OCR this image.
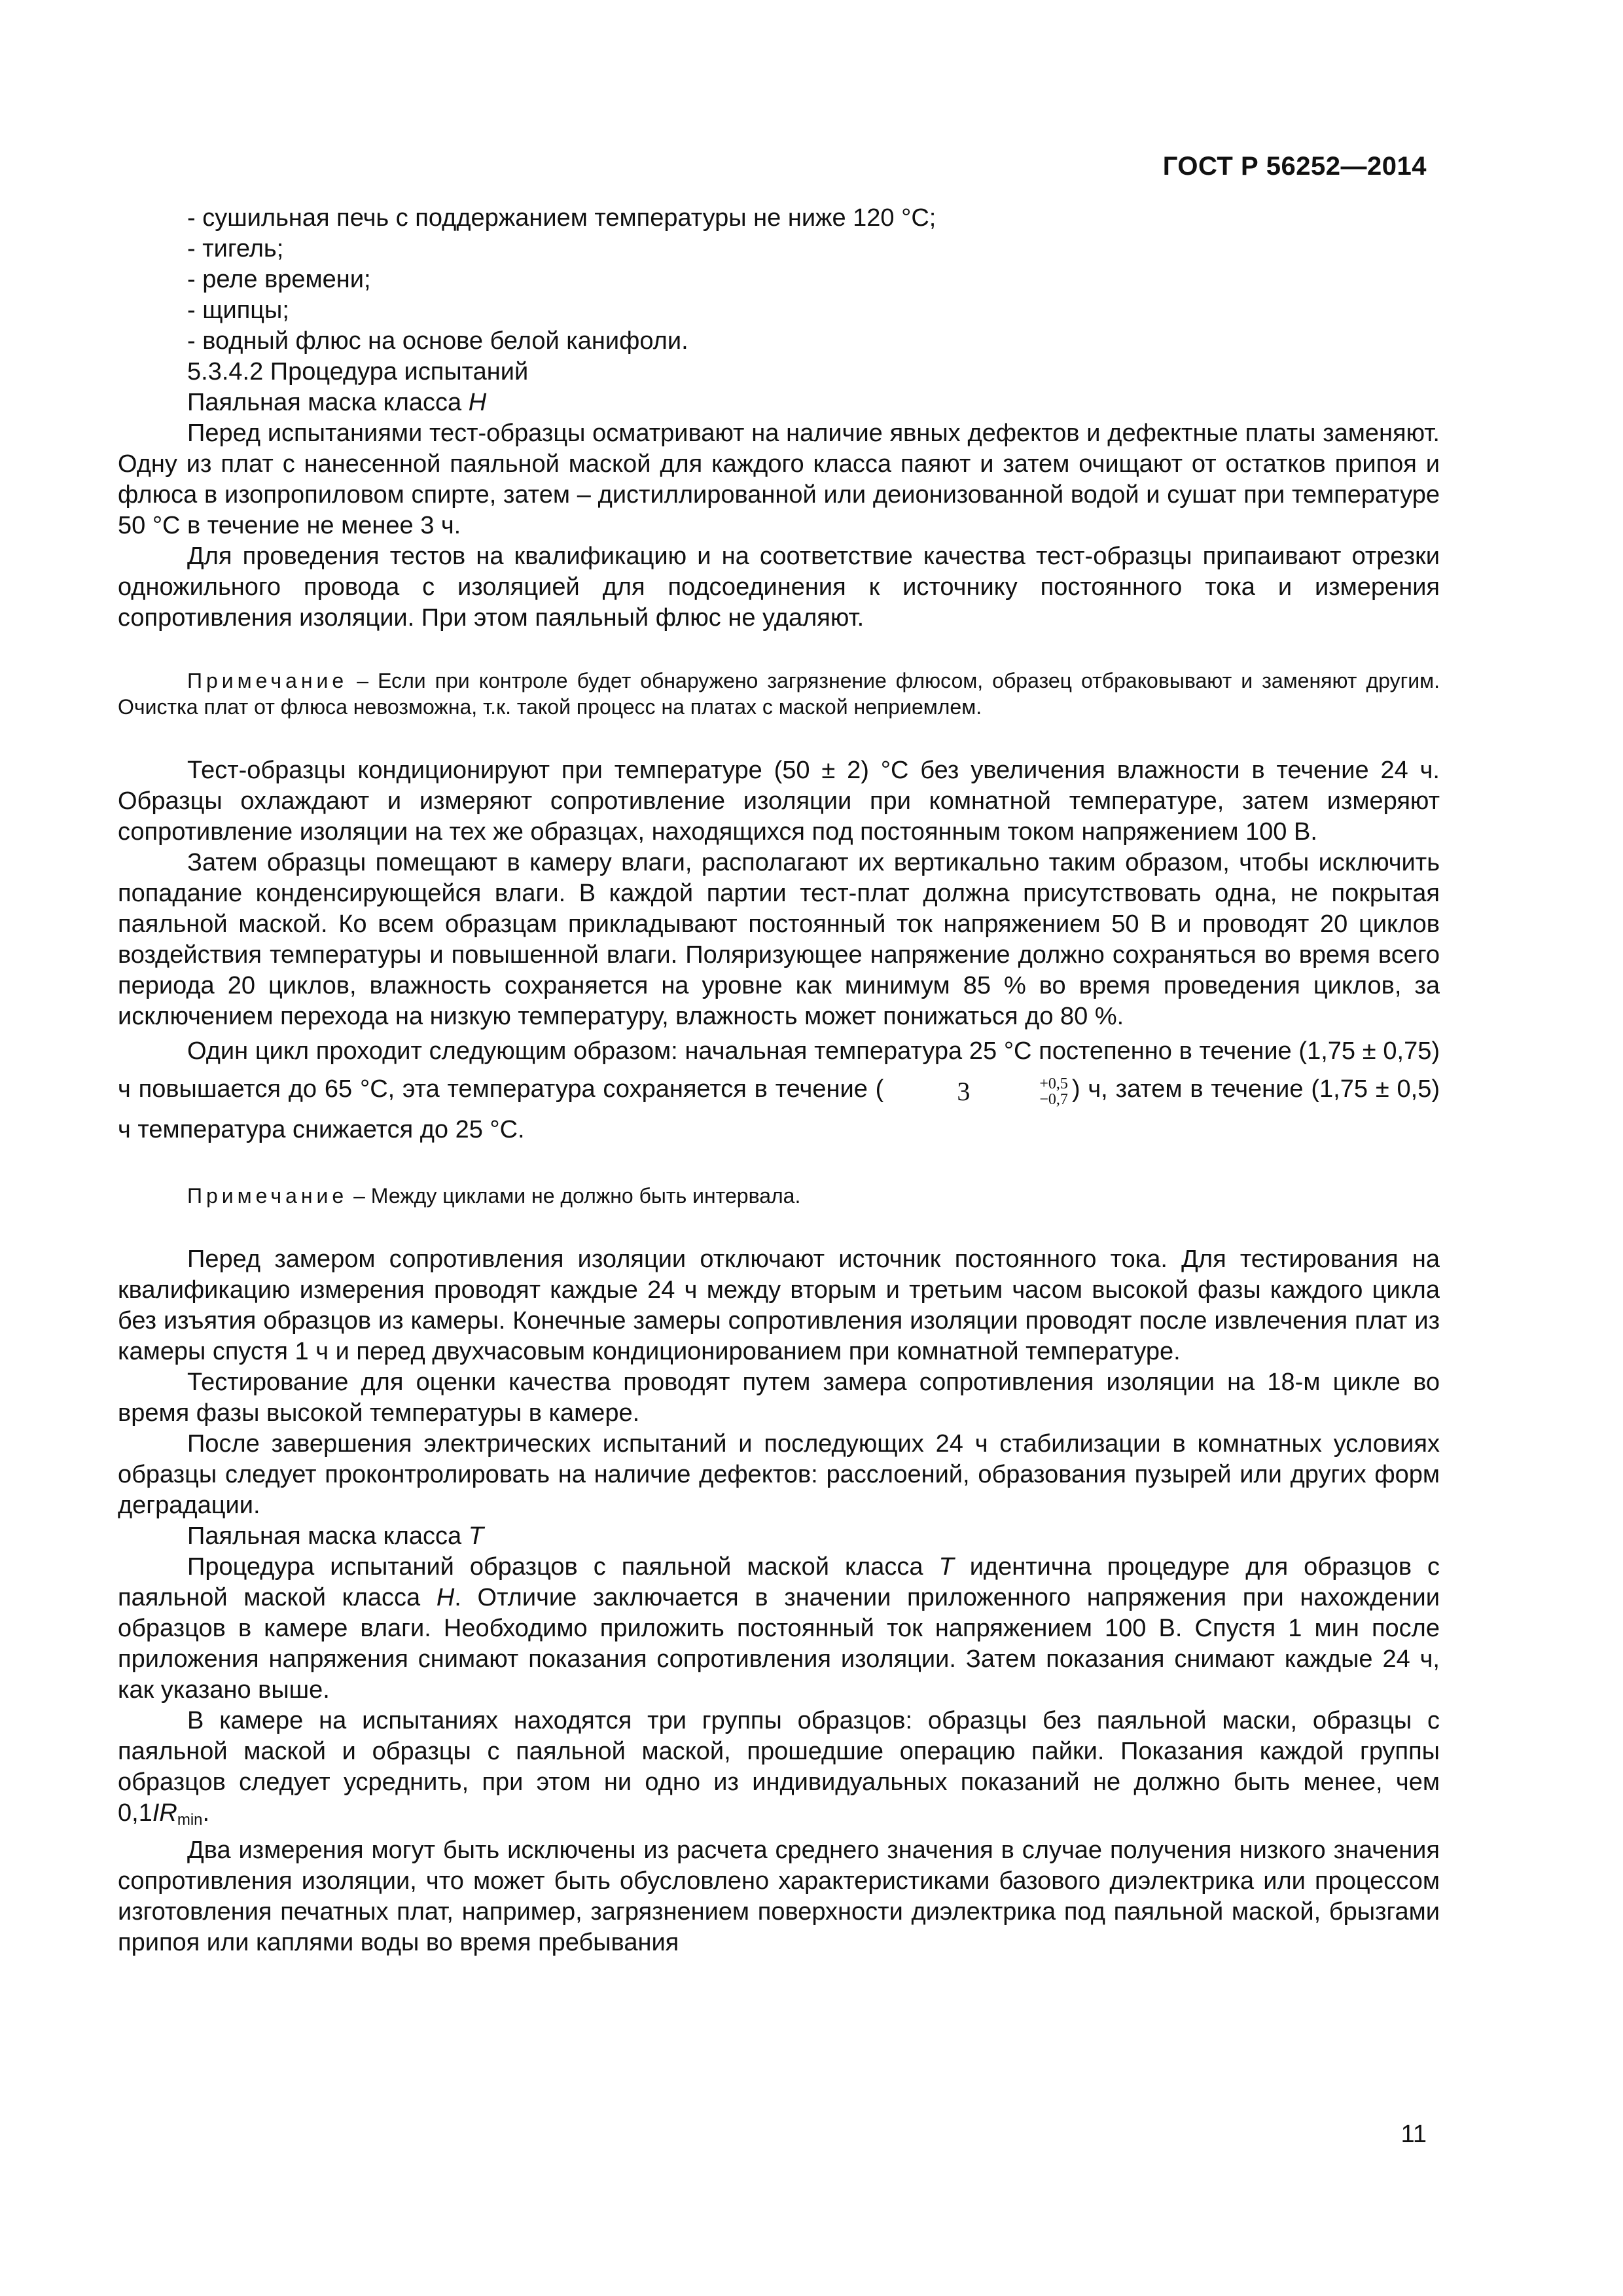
ГОСТ Р 56252—2014

- сушильная печь с поддержанием температуры не ниже 120 °С;

- тигель;

- реле времени;

- щипцы;

- водный флюс на основе белой канифоли.

5.3.4.2 Процедура испытаний

Паяльная маска класса H

Перед испытаниями тест-образцы осматривают на наличие явных дефектов и дефектные платы заменяют. Одну из плат с нанесенной паяльной маской для каждого класса паяют и затем очищают от остатков припоя и флюса в изопропиловом спирте, затем – дистиллированной или деионизованной водой и сушат при температуре 50 °С в течение не менее 3 ч.

Для проведения тестов на квалификацию и на соответствие качества тест-образцы припаивают отрезки одножильного провода с изоляцией для подсоединения к источнику постоянного тока и измерения сопротивления изоляции. При этом паяльный флюс не удаляют.

Примечание – Если при контроле будет обнаружено загрязнение флюсом, образец отбраковывают и заменяют другим. Очистка плат от флюса невозможна, т.к. такой процесс на платах с маской неприемлем.

Тест-образцы кондиционируют при температуре (50 ± 2) °С без увеличения влажности в течение 24 ч. Образцы охлаждают и измеряют сопротивление изоляции при комнатной температуре, затем измеряют сопротивление изоляции на тех же образцах, находящихся под постоянным током напряжением 100 В.

Затем образцы помещают в камеру влаги, располагают их вертикально таким образом, чтобы исключить попадание конденсирующейся влаги. В каждой партии тест-плат должна присутствовать одна, не покрытая паяльной маской. Ко всем образцам прикладывают постоянный ток напряжением 50 В и проводят 20 циклов воздействия температуры и повышенной влаги. Поляризующее напряжение должно сохраняться во время всего периода 20 циклов, влажность сохраняется на уровне как минимум 85 % во время проведения циклов, за исключением перехода на низкую температуру, влажность может понижаться до 80 %.

Один цикл проходит следующим образом: начальная температура 25 °С постепенно в течение (1,75 ± 0,75) ч повышается до 65 °С, эта температура сохраняется в течение (	3	+0,5
−0,7 ) ч, затем в течение (1,75 ± 0,5) ч температура снижается до 25 °С.

Примечание – Между циклами не должно быть интервала.

Перед замером сопротивления изоляции отключают источник постоянного тока. Для тестирования на квалификацию измерения проводят каждые 24 ч между вторым и третьим часом высокой фазы каждого цикла без изъятия образцов из камеры. Конечные замеры сопротивления изоляции проводят после извлечения плат из камеры спустя 1 ч и перед двухчасовым кондиционированием при комнатной температуре.

Тестирование для оценки качества проводят путем замера сопротивления изоляции на 18-м цикле во время фазы высокой температуры в камере.

После завершения электрических испытаний и последующих 24 ч стабилизации в комнатных условиях образцы следует проконтролировать на наличие дефектов: расслоений, образования пузырей или других форм деградации.

Паяльная маска класса T

Процедура испытаний образцов с паяльной маской класса T идентична процедуре для образцов с паяльной маской класса H. Отличие заключается в значении приложенного напряжения при нахождении образцов в камере влаги. Необходимо приложить постоянный ток напряжением 100 В. Спустя 1 мин после приложения напряжения снимают показания сопротивления изоляции. Затем показания снимают каждые 24 ч, как указано выше.

В камере на испытаниях находятся три группы образцов: образцы без паяльной маски, образцы с паяльной маской и образцы с паяльной маской, прошедшие операцию пайки. Показания каждой группы образцов следует усреднить, при этом ни одно из индивидуальных показаний не должно быть менее, чем $0,1IR_{min}$.

Два измерения могут быть исключены из расчета среднего значения в случае получения низкого значения сопротивления изоляции, что может быть обусловлено характеристиками базового диэлектрика или процессом изготовления печатных плат, например, загрязнением поверхности диэлектрика под паяльной маской, брызгами припоя или каплями воды во время пребывания

11
